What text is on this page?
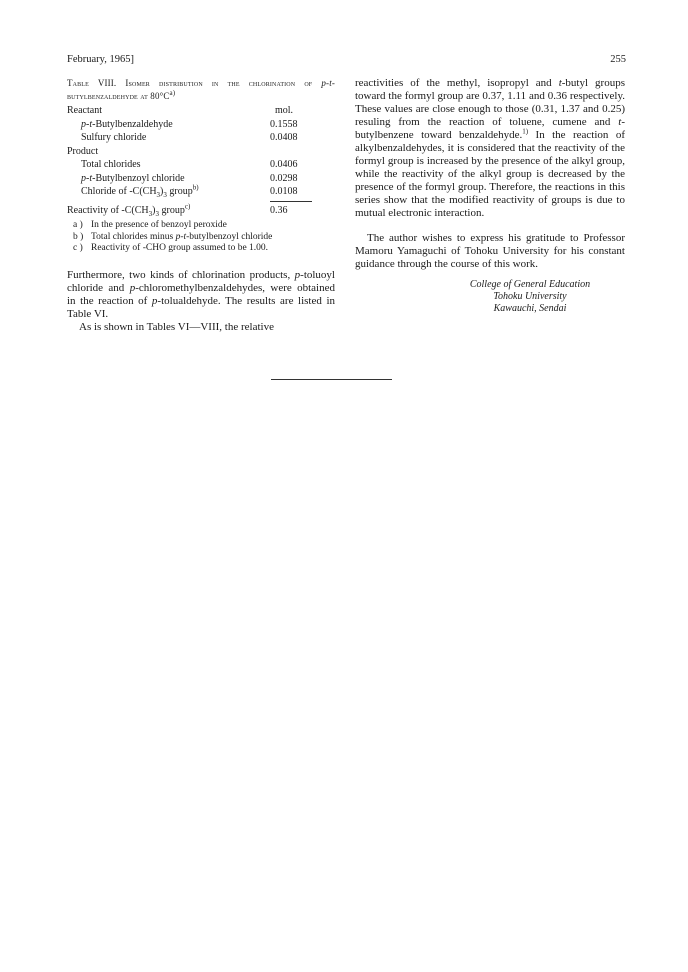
February, 1965]	255
Table VIII. Isomer distribution in the chlorination of p-t-butylbenzaldehyde at $80^\circ C^{a)}$
Reactant	mol.
p-t-Butylbenzaldehyde	0.1558
Sulfury chloride	0.0408
Product
Total chlorides	0.0406
p-t-Butylbenzoyl chloride	0.0298
Chloride of $-C(CH_3)_3$ group$^{b)}$	0.0108
Reactivity of $-C(CH_3)_3$ group$^{c)}$	0.36
a ) In the presence of benzoyl peroxide
b ) Total chlorides minus p-t-butylbenzoyl chloride
c ) Reactivity of -CHO group assumed to be 1.00.

Furthermore, two kinds of chlorination products, p-toluoyl chloride and p-chloromethylbenzaldehydes, were obtained in the reaction of p-tolualdehyde. The results are listed in Table VI.

As is shown in Tables VI—VIII, the relative

reactivities of the methyl, isopropyl and t-butyl groups toward the formyl group are 0.37, 1.11 and 0.36 respectively. These values are close enough to those (0.31, 1.37 and 0.25) resuling from the reaction of toluene, cumene and t-butylbenzene toward benzaldehyde.$^{1)}$ In the reaction of alkylbenzaldehydes, it is considered that the reactivity of the formyl group is increased by the presence of the alkyl group, while the reactivity of the alkyl group is decreased by the presence of the formyl group. Therefore, the reactions in this series show that the modified reactivity of groups is due to mutual electronic interaction.

The author wishes to express his gratitude to Professor Mamoru Yamaguchi of Tohoku University for his constant guidance through the course of this work.

College of General Education
Tohoku University
Kawauchi, Sendai
